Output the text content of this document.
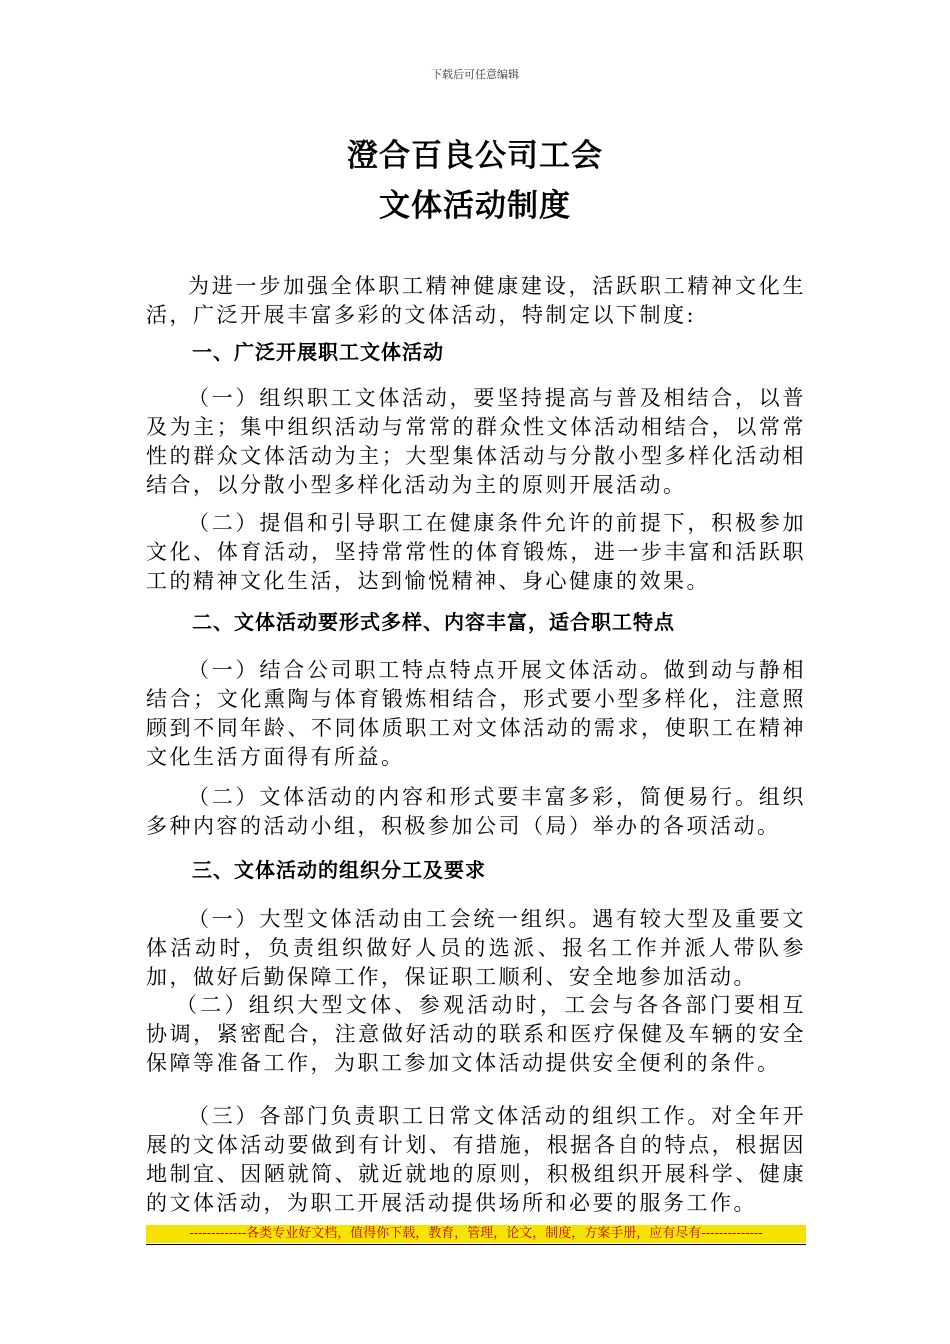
下载后可任意编辑
澄合百良公司工会
文体活动制度

为进一步加强全体职工精神健康建设，活跃职工精神文化生活，广泛开展丰富多彩的文体活动，特制定以下制度:

一、广泛开展职工文体活动

（一）组织职工文体活动，要坚持提高与普及相结合，以普及为主；集中组织活动与常常的群众性文体活动相结合，以常常性的群众文体活动为主；大型集体活动与分散小型多样化活动相结合，以分散小型多样化活动为主的原则开展活动。

（二）提倡和引导职工在健康条件允许的前提下，积极参加文化、体育活动，坚持常常性的体育锻炼，进一步丰富和活跃职工的精神文化生活，达到愉悦精神、身心健康的效果。

二、文体活动要形式多样、内容丰富，适合职工特点

（一）结合公司职工特点特点开展文体活动。做到动与静相结合；文化熏陶与体育锻炼相结合，形式要小型多样化，注意照顾到不同年龄、不同体质职工对文体活动的需求，使职工在精神文化生活方面得有所益。

（二）文体活动的内容和形式要丰富多彩，简便易行。组织多种内容的活动小组，积极参加公司（局）举办的各项活动。

三、文体活动的组织分工及要求

（一）大型文体活动由工会统一组织。遇有较大型及重要文体活动时，负责组织做好人员的选派、报名工作并派人带队参加，做好后勤保障工作，保证职工顺利、安全地参加活动。

（二）组织大型文体、参观活动时，工会与各各部门要相互协调，紧密配合，注意做好活动的联系和医疗保健及车辆的安全保障等准备工作，为职工参加文体活动提供安全便利的条件。

（三）各部门负责职工日常文体活动的组织工作。对全年开展的文体活动要做到有计划、有措施，根据各自的特点，根据因地制宜、因陋就简、就近就地的原则，积极组织开展科学、健康的文体活动，为职工开展活动提供场所和必要的服务工作。

-------------各类专业好文档，值得你下载，教育，管理，论文，制度，方案手册，应有尽有--------------
